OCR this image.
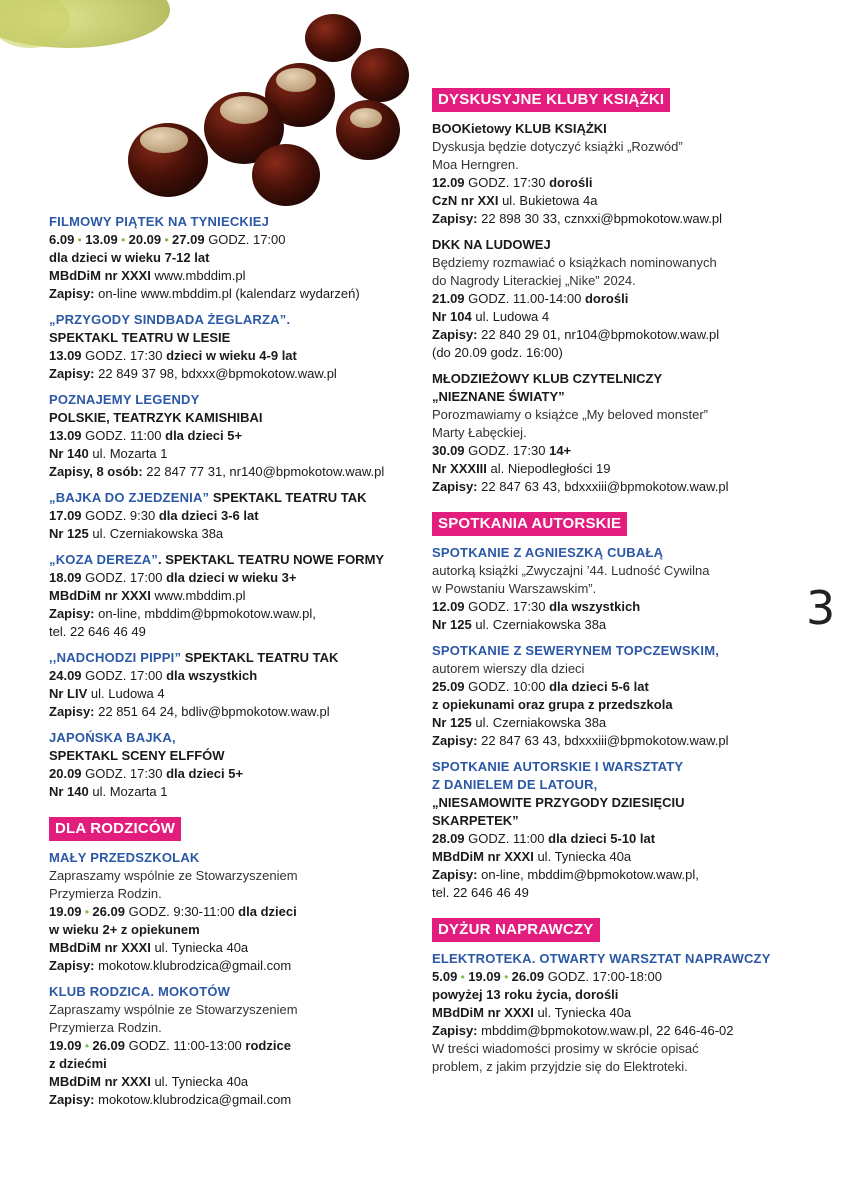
FILMOWY PIĄTEK NA TYNIECKIEJ
6.09 • 13.09 • 20.09 • 27.09 GODZ. 17:00
dla dzieci w wieku 7-12 lat
MBdDiM nr XXXI www.mbddim.pl
Zapisy: on-line www.mbddim.pl (kalendarz wydarzeń)
„PRZYGODY SINDBADA ŻEGLARZA”.
SPEKTAKL TEATRU W LESIE
13.09 GODZ. 17:30 dzieci w wieku 4-9 lat
Zapisy: 22 849 37 98, bdxxx@bpmokotow.waw.pl
POZNAJEMY LEGENDY
POLSKIE, TEATRZYK KAMISHIBAI
13.09 GODZ. 11:00 dla dzieci 5+
Nr 140 ul. Mozarta 1
Zapisy, 8 osób: 22 847 77 31, nr140@bpmokotow.waw.pl
„BAJKA DO ZJEDZENIA” SPEKTAKL TEATRU TAK
17.09 GODZ. 9:30 dla dzieci 3-6 lat
Nr 125 ul. Czerniakowska 38a
„KOZA DEREZA”. SPEKTAKL TEATRU NOWE FORMY
18.09 GODZ. 17:00 dla dzieci w wieku 3+
MBdDiM nr XXXI www.mbddim.pl
Zapisy: on-line, mbddim@bpmokotow.waw.pl,
tel. 22 646 46 49
,,NADCHODZI PIPPI” SPEKTAKL TEATRU TAK
24.09 GODZ. 17:00 dla wszystkich
Nr LIV ul. Ludowa 4
Zapisy: 22 851 64 24, bdliv@bpmokotow.waw.pl
JAPOŃSKA BAJKA,
SPEKTAKL SCENY ELFFÓW
20.09 GODZ. 17:30 dla dzieci 5+
Nr 140 ul. Mozarta 1
DLA RODZICÓW
MAŁY PRZEDSZKOLAK
Zapraszamy wspólnie ze Stowarzyszeniem
Przymierza Rodzin.
19.09 • 26.09 GODZ. 9:30-11:00 dla dzieci
w wieku 2+ z opiekunem
MBdDiM nr XXXI ul. Tyniecka 40a
Zapisy: mokotow.klubrodzica@gmail.com
KLUB RODZICA. MOKOTÓW
Zapraszamy wspólnie ze Stowarzyszeniem
Przymierza Rodzin.
19.09 • 26.09 GODZ. 11:00-13:00 rodzice
z dziećmi
MBdDiM nr XXXI ul. Tyniecka 40a
Zapisy: mokotow.klubrodzica@gmail.com
DYSKUSYJNE KLUBY KSIĄŻKI
BOOKietowy KLUB KSIĄŻKI
Dyskusja będzie dotyczyć książki „Rozwód”
Moa Herngren.
12.09 GODZ. 17:30 dorośli
CzN nr XXI ul. Bukietowa 4a
Zapisy: 22 898 30 33, cznxxi@bpmokotow.waw.pl
DKK NA LUDOWEJ
Będziemy rozmawiać o książkach nominowanych
do Nagrody Literackiej „Nike” 2024.
21.09 GODZ. 11.00-14:00 dorośli
Nr 104 ul. Ludowa 4
Zapisy: 22 840 29 01, nr104@bpmokotow.waw.pl
(do 20.09 godz. 16:00)
MŁODZIEŻOWY KLUB CZYTELNICZY
„NIEZNANE ŚWIATY”
Porozmawiamy o książce „My beloved monster”
Marty Łabęckiej.
30.09 GODZ. 17:30 14+
Nr XXXIII al. Niepodległości 19
Zapisy: 22 847 63 43, bdxxxiii@bpmokotow.waw.pl
SPOTKANIA AUTORSKIE
SPOTKANIE Z AGNIESZKĄ CUBAŁĄ
autorką książki „Zwyczajni ’44. Ludność Cywilna
w Powstaniu Warszawskim”.
12.09 GODZ. 17:30 dla wszystkich
Nr 125 ul. Czerniakowska 38a
SPOTKANIE Z SEWERYNEM TOPCZEWSKIM,
autorem wierszy dla dzieci
25.09 GODZ. 10:00 dla dzieci 5-6 lat
z opiekunami oraz grupa z przedszkola
Nr 125 ul. Czerniakowska 38a
Zapisy: 22 847 63 43, bdxxxiii@bpmokotow.waw.pl
SPOTKANIE AUTORSKIE I WARSZTATY
Z DANIELEM DE LATOUR,
„NIESAMOWITE PRZYGODY DZIESIĘCIU
SKARPETEK”
28.09 GODZ. 11:00 dla dzieci 5-10 lat
MBdDiM nr XXXI ul. Tyniecka 40a
Zapisy: on-line, mbddim@bpmokotow.waw.pl,
tel. 22 646 46 49
DYŻUR NAPRAWCZY
ELEKTROTEKA. OTWARTY WARSZTAT NAPRAWCZY
5.09 • 19.09 • 26.09 GODZ. 17:00-18:00
powyżej 13 roku życia, dorośli
MBdDiM nr XXXI ul. Tyniecka 40a
Zapisy: mbddim@bpmokotow.waw.pl, 22 646-46-02
W treści wiadomości prosimy w skrócie opisać
problem, z jakim przyjdzie się do Elektroteki.
3
